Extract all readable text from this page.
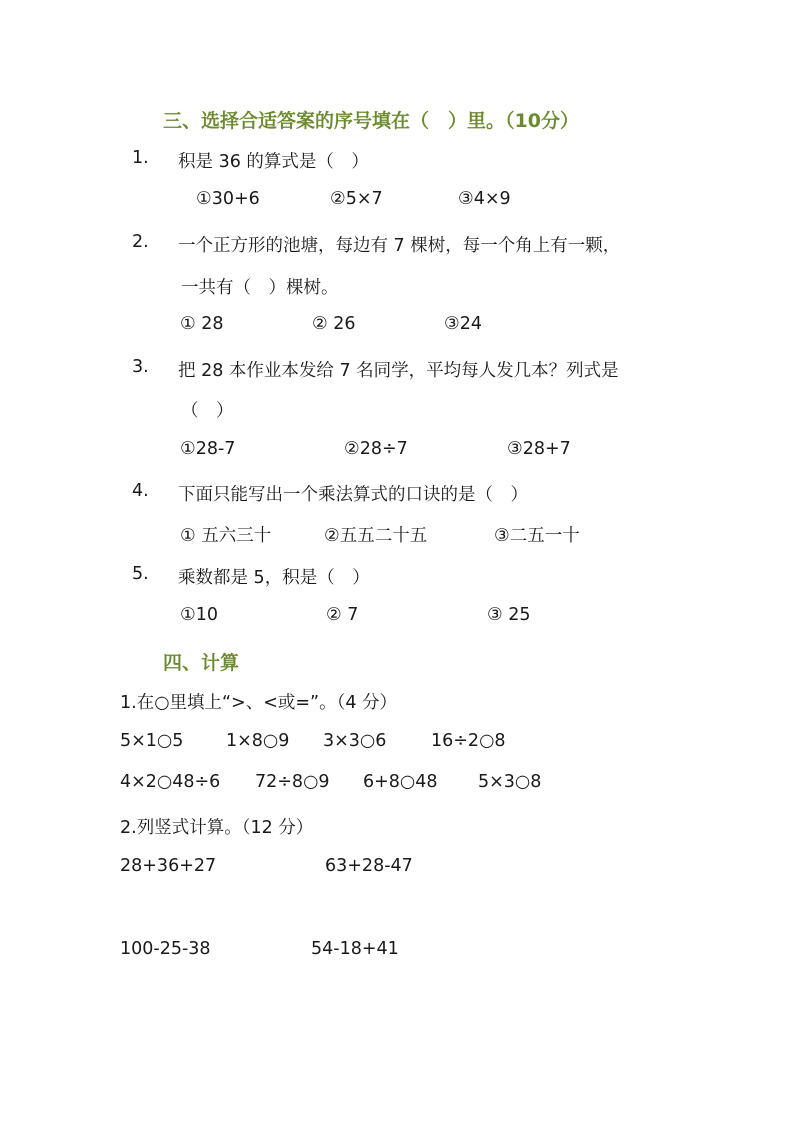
三、选择合适答案的序号填在（　）里。（10分）
1. 积是 36 的算式是（　）
①30+6	②5×7	③4×9
2. 一个正方形的池塘，每边有 7 棵树，每一个角上有一颗，
一共有（　）棵树。
① 28	② 26	③24
3. 把 28 本作业本发给 7 名同学，平均每人发几本？列式是
（　）
①28-7	②28÷7	③28+7
4. 下面只能写出一个乘法算式的口诀的是（　）
① 五六三十	②五五二十五	③二五一十
5. 乘数都是 5，积是（　）
①10	② 7	③ 25
四、计算
1.在○里填上“>、<或=”。（4 分）
5×1○5 1×8○9 3×3○6	16÷2○8
4×2○48÷6 72÷8○9 6+8○48 5×3○8
2.列竖式计算。（12 分）
28+36+27	63+28-47
100-25-38	54-18+41
